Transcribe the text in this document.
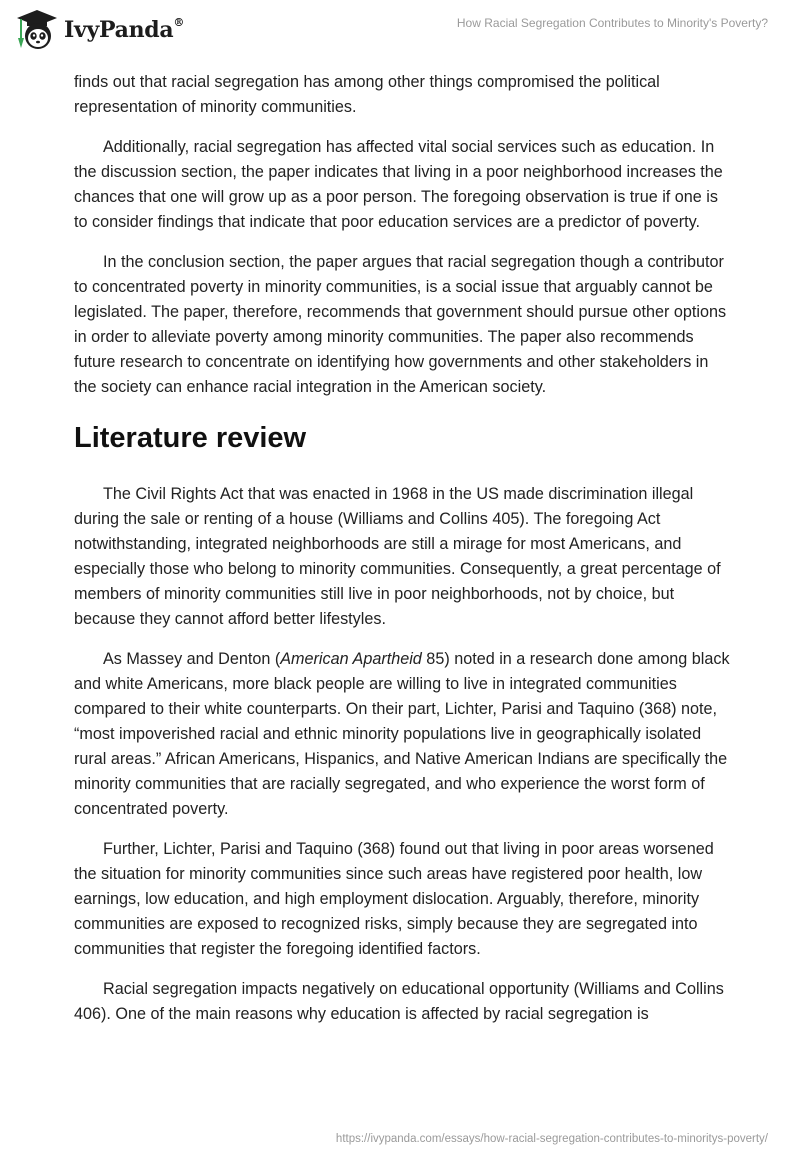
IvyPanda®	How Racial Segregation Contributes to Minority's Poverty?

finds out that racial segregation has among other things compromised the political representation of minority communities.

Additionally, racial segregation has affected vital social services such as education. In the discussion section, the paper indicates that living in a poor neighborhood increases the chances that one will grow up as a poor person. The foregoing observation is true if one is to consider findings that indicate that poor education services are a predictor of poverty.

In the conclusion section, the paper argues that racial segregation though a contributor to concentrated poverty in minority communities, is a social issue that arguably cannot be legislated. The paper, therefore, recommends that government should pursue other options in order to alleviate poverty among minority communities. The paper also recommends future research to concentrate on identifying how governments and other stakeholders in the society can enhance racial integration in the American society.

Literature review

The Civil Rights Act that was enacted in 1968 in the US made discrimination illegal during the sale or renting of a house (Williams and Collins 405). The foregoing Act notwithstanding, integrated neighborhoods are still a mirage for most Americans, and especially those who belong to minority communities. Consequently, a great percentage of members of minority communities still live in poor neighborhoods, not by choice, but because they cannot afford better lifestyles.

As Massey and Denton (American Apartheid 85) noted in a research done among black and white Americans, more black people are willing to live in integrated communities compared to their white counterparts. On their part, Lichter, Parisi and Taquino (368) note, “most impoverished racial and ethnic minority populations live in geographically isolated rural areas.” African Americans, Hispanics, and Native American Indians are specifically the minority communities that are racially segregated, and who experience the worst form of concentrated poverty.

Further, Lichter, Parisi and Taquino (368) found out that living in poor areas worsened the situation for minority communities since such areas have registered poor health, low earnings, low education, and high employment dislocation. Arguably, therefore, minority communities are exposed to recognized risks, simply because they are segregated into communities that register the foregoing identified factors.

Racial segregation impacts negatively on educational opportunity (Williams and Collins 406). One of the main reasons why education is affected by racial segregation is

https://ivypanda.com/essays/how-racial-segregation-contributes-to-minoritys-poverty/
